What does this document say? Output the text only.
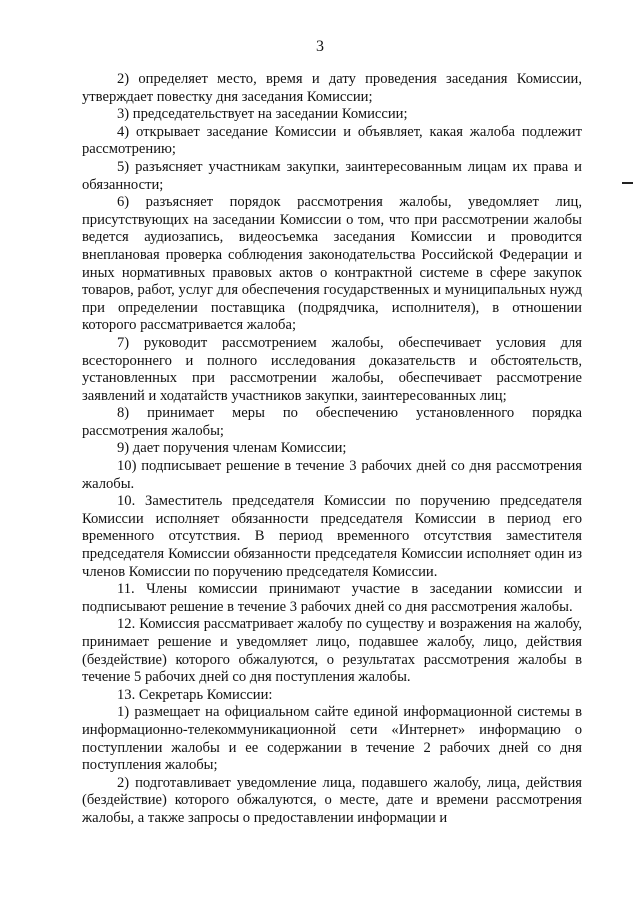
3

2) определяет место, время и дату проведения заседания Комиссии, утверждает повестку дня заседания Комиссии;

3) председательствует на заседании Комиссии;

4) открывает заседание Комиссии и объявляет, какая жалоба подлежит рассмотрению;

5) разъясняет участникам закупки, заинтересованным лицам их права и обязанности;

6) разъясняет порядок рассмотрения жалобы, уведомляет лиц, присутствующих на заседании Комиссии о том, что при рассмотрении жалобы ведется аудиозапись, видеосъемка заседания Комиссии и проводится внеплановая проверка соблюдения законодательства Российской Федерации и иных нормативных правовых актов о контрактной системе в сфере закупок товаров, работ, услуг для обеспечения государственных и муниципальных нужд при определении поставщика (подрядчика, исполнителя), в отношении которого рассматривается жалоба;

7) руководит рассмотрением жалобы, обеспечивает условия для всестороннего и полного исследования доказательств и обстоятельств, установленных при рассмотрении жалобы, обеспечивает рассмотрение заявлений и ходатайств участников закупки, заинтересованных лиц;

8) принимает меры по обеспечению установленного порядка рассмотрения жалобы;

9) дает поручения членам Комиссии;

10) подписывает решение в течение 3 рабочих дней со дня рассмотрения жалобы.

10. Заместитель председателя Комиссии по поручению председателя Комиссии исполняет обязанности председателя Комиссии в период его временного отсутствия. В период временного отсутствия заместителя председателя Комиссии обязанности председателя Комиссии исполняет один из членов Комиссии по поручению председателя Комиссии.

11. Члены комиссии принимают участие в заседании комиссии и подписывают решение в течение 3 рабочих дней со дня рассмотрения жалобы.

12. Комиссия рассматривает жалобу по существу и возражения на жалобу, принимает решение и уведомляет лицо, подавшее жалобу, лицо, действия (бездействие) которого обжалуются, о результатах рассмотрения жалобы в течение 5 рабочих дней со дня поступления жалобы.

13. Секретарь Комиссии:

1) размещает на официальном сайте единой информационной системы в информационно-телекоммуникационной сети «Интернет» информацию о поступлении жалобы и ее содержании в течение 2 рабочих дней со дня поступления жалобы;

2) подготавливает уведомление лица, подавшего жалобу, лица, действия (бездействие) которого обжалуются, о месте, дате и времени рассмотрения жалобы, а также запросы о предоставлении информации и
